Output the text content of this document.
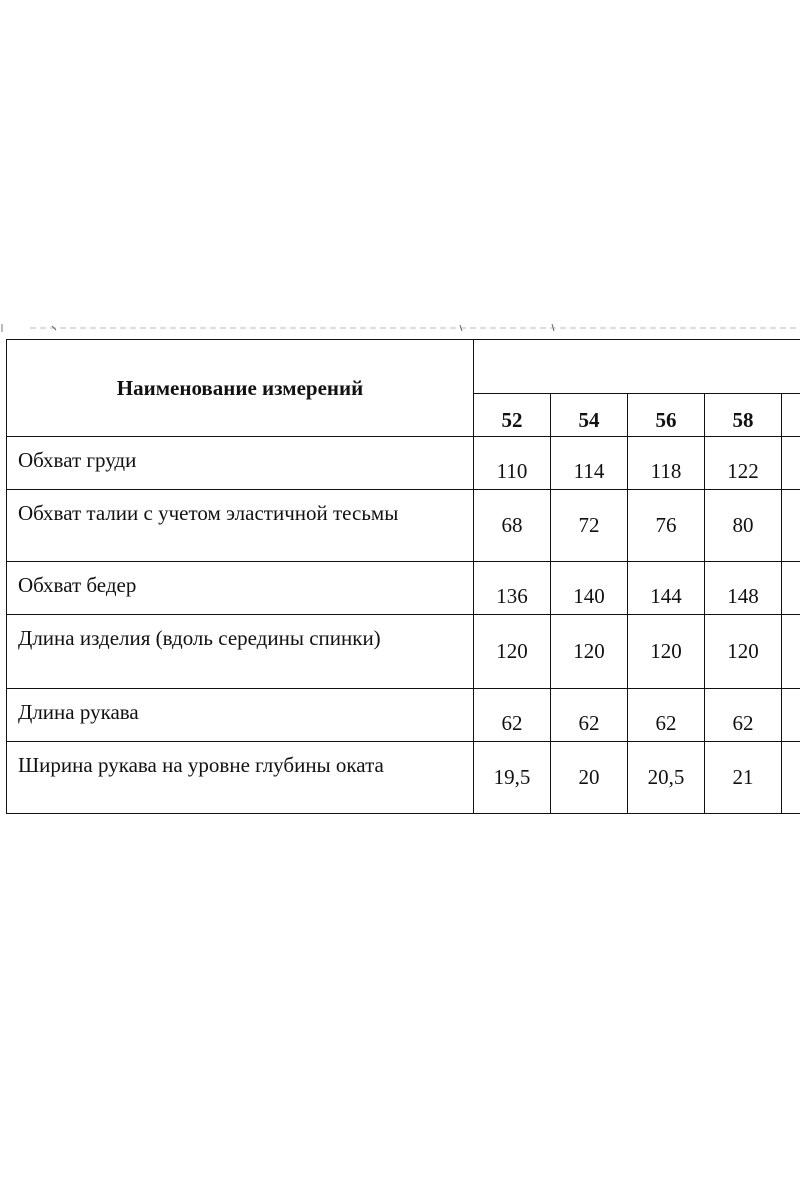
Наименование измерений					
	52	54	56	58	
Обхват груди	110	114	118	122	
Обхват талии с учетом эластичной тесьмы	68	72	76	80	
Обхват бедер	136	140	144	148	
Длина изделия (вдоль середины спинки)	120	120	120	120	
Длина рукава	62	62	62	62	
Ширина рукава на уровне глубины оката	19,5	20	20,5	21	
